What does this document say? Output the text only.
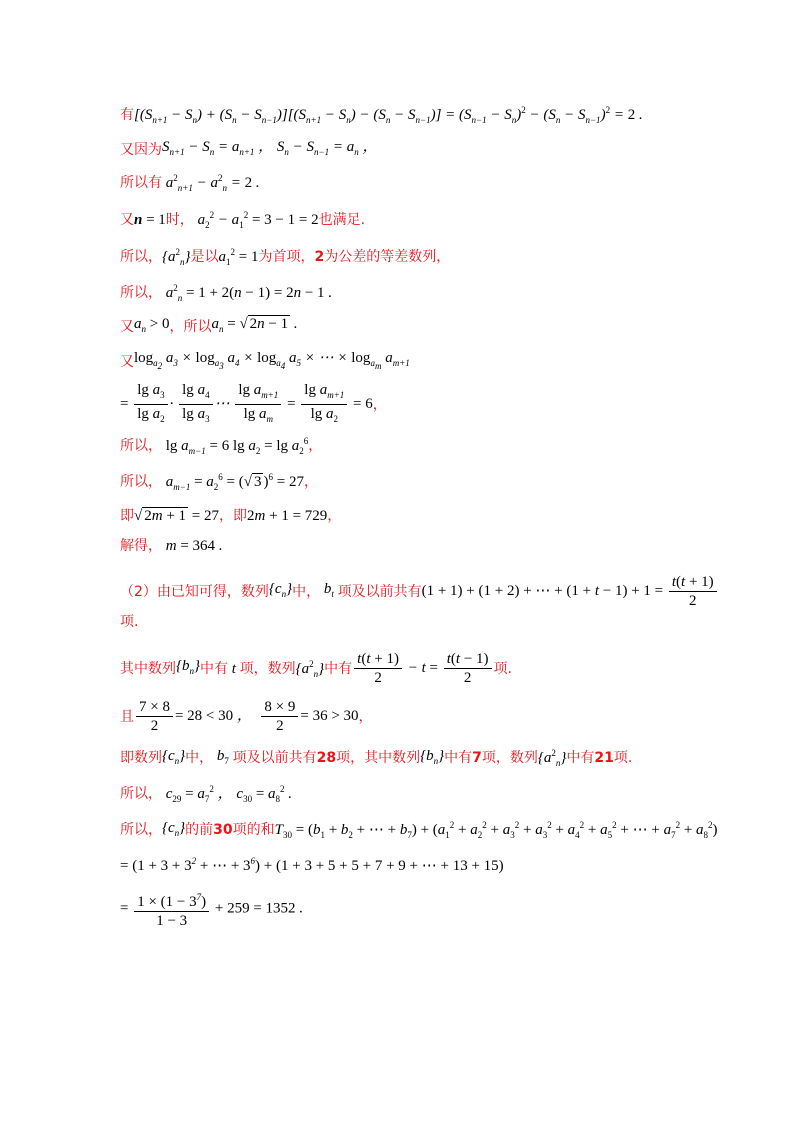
有 $[(S_{n+1} - S_n) + (S_n - S_{n-1})][(S_{n+1} - S_n) - (S_n - S_{n-1})] = (S_{n-1} - S_n)^2 - (S_n - S_{n-1})^2 = 2$ .
又因为 $S_{n+1} - S_n = a_{n+1}$ ， $S_n - S_{n-1} = a_n$ ，
所以有 $a^2_{n+1} - a^2_n = 2$ .
又 n = 1 时， $a_2^2 - a_1^2 = 3 - 1 = 2$ 也满足.
所以， $\{a^2_n\}$ 是以 $a_1^2 = 1$ 为首项， 2 为公差的等差数列，
所以， $a^2_n = 1 + 2(n - 1) = 2n - 1$ .
又 $a_n > 0$ ， 所以 $a_n$ = √ 2n − 1 .
又 $\log_{a_2} a_3 \times \log_{a_3} a_4 \times \log_{a_4} a_5$ × ⋯ × $\log_{a_m} a_{m+1}$
= $\frac{\lg a_3}{\lg a_2} \cdot \frac{\lg a_4}{\lg a_3}$ ⋯ $\frac{\lg a_{m+1}}{\lg a_m} = \frac{\lg a_{m+1}}{\lg a_2} = 6$ ，
所以， $\lg a_{m-1} = 6$ $\lg a_2 = \lg a_2^6$ ，
所以， $a_{m-1} = a_2^6$ = (√ 3 )$^6$ = 27 ，
即 √ 2m + 1 = 27 ， 即 2m + 1 = 729 ，
解得， m = 364 .
（2）由已知可得，数列 $\{c_n\}$ 中， $b_t$ 项及以前共有 (1 + 1) + (1 + 2) + ⋯ + $(1 + t - 1) + 1 = \frac{t(t + 1)}{2}$
项.
其中数列 $\{b_n\}$ 中有 t 项，数列 $\{a^2_n\}$ 中有 $\frac{t(t + 1)}{2} - t = \frac{t(t - 1)}{2}$ 项.
且 $\frac{7 \times 8}{2} = 28 < 30$ ， $\frac{8 \times 9}{2} = 36 > 30$ ，
即数列 $\{c_n\}$ 中， $b_7$ 项及以前共有 28 项，其中数列 $\{b_n\}$ 中有 7 项，数列 $\{a^2_n\}$ 中有 21 项.
所以， $c_{29} = a_7^2$ ， $c_{30} = a_8^2$ .
所以， $\{c_n\}$ 的前 30 项的和 $T_{30} = (b_1 + b_2$ + ⋯ + $b_7) + (a_1^2 + a_2^2 + a_3^2 + a_3^2 + a_4^2 + a_5^2$ + ⋯ + $a_7^2 + a_8^2$)
= ($1 + 3 + 3^2$ + ⋯ + $3^6) + (1 + 3 + 5 + 5 + 7 + 9$ + ⋯ + 13 + 15)
= $\frac{1 \times (1 - 3^7)}{1 - 3} + 259 = 1352$ .
